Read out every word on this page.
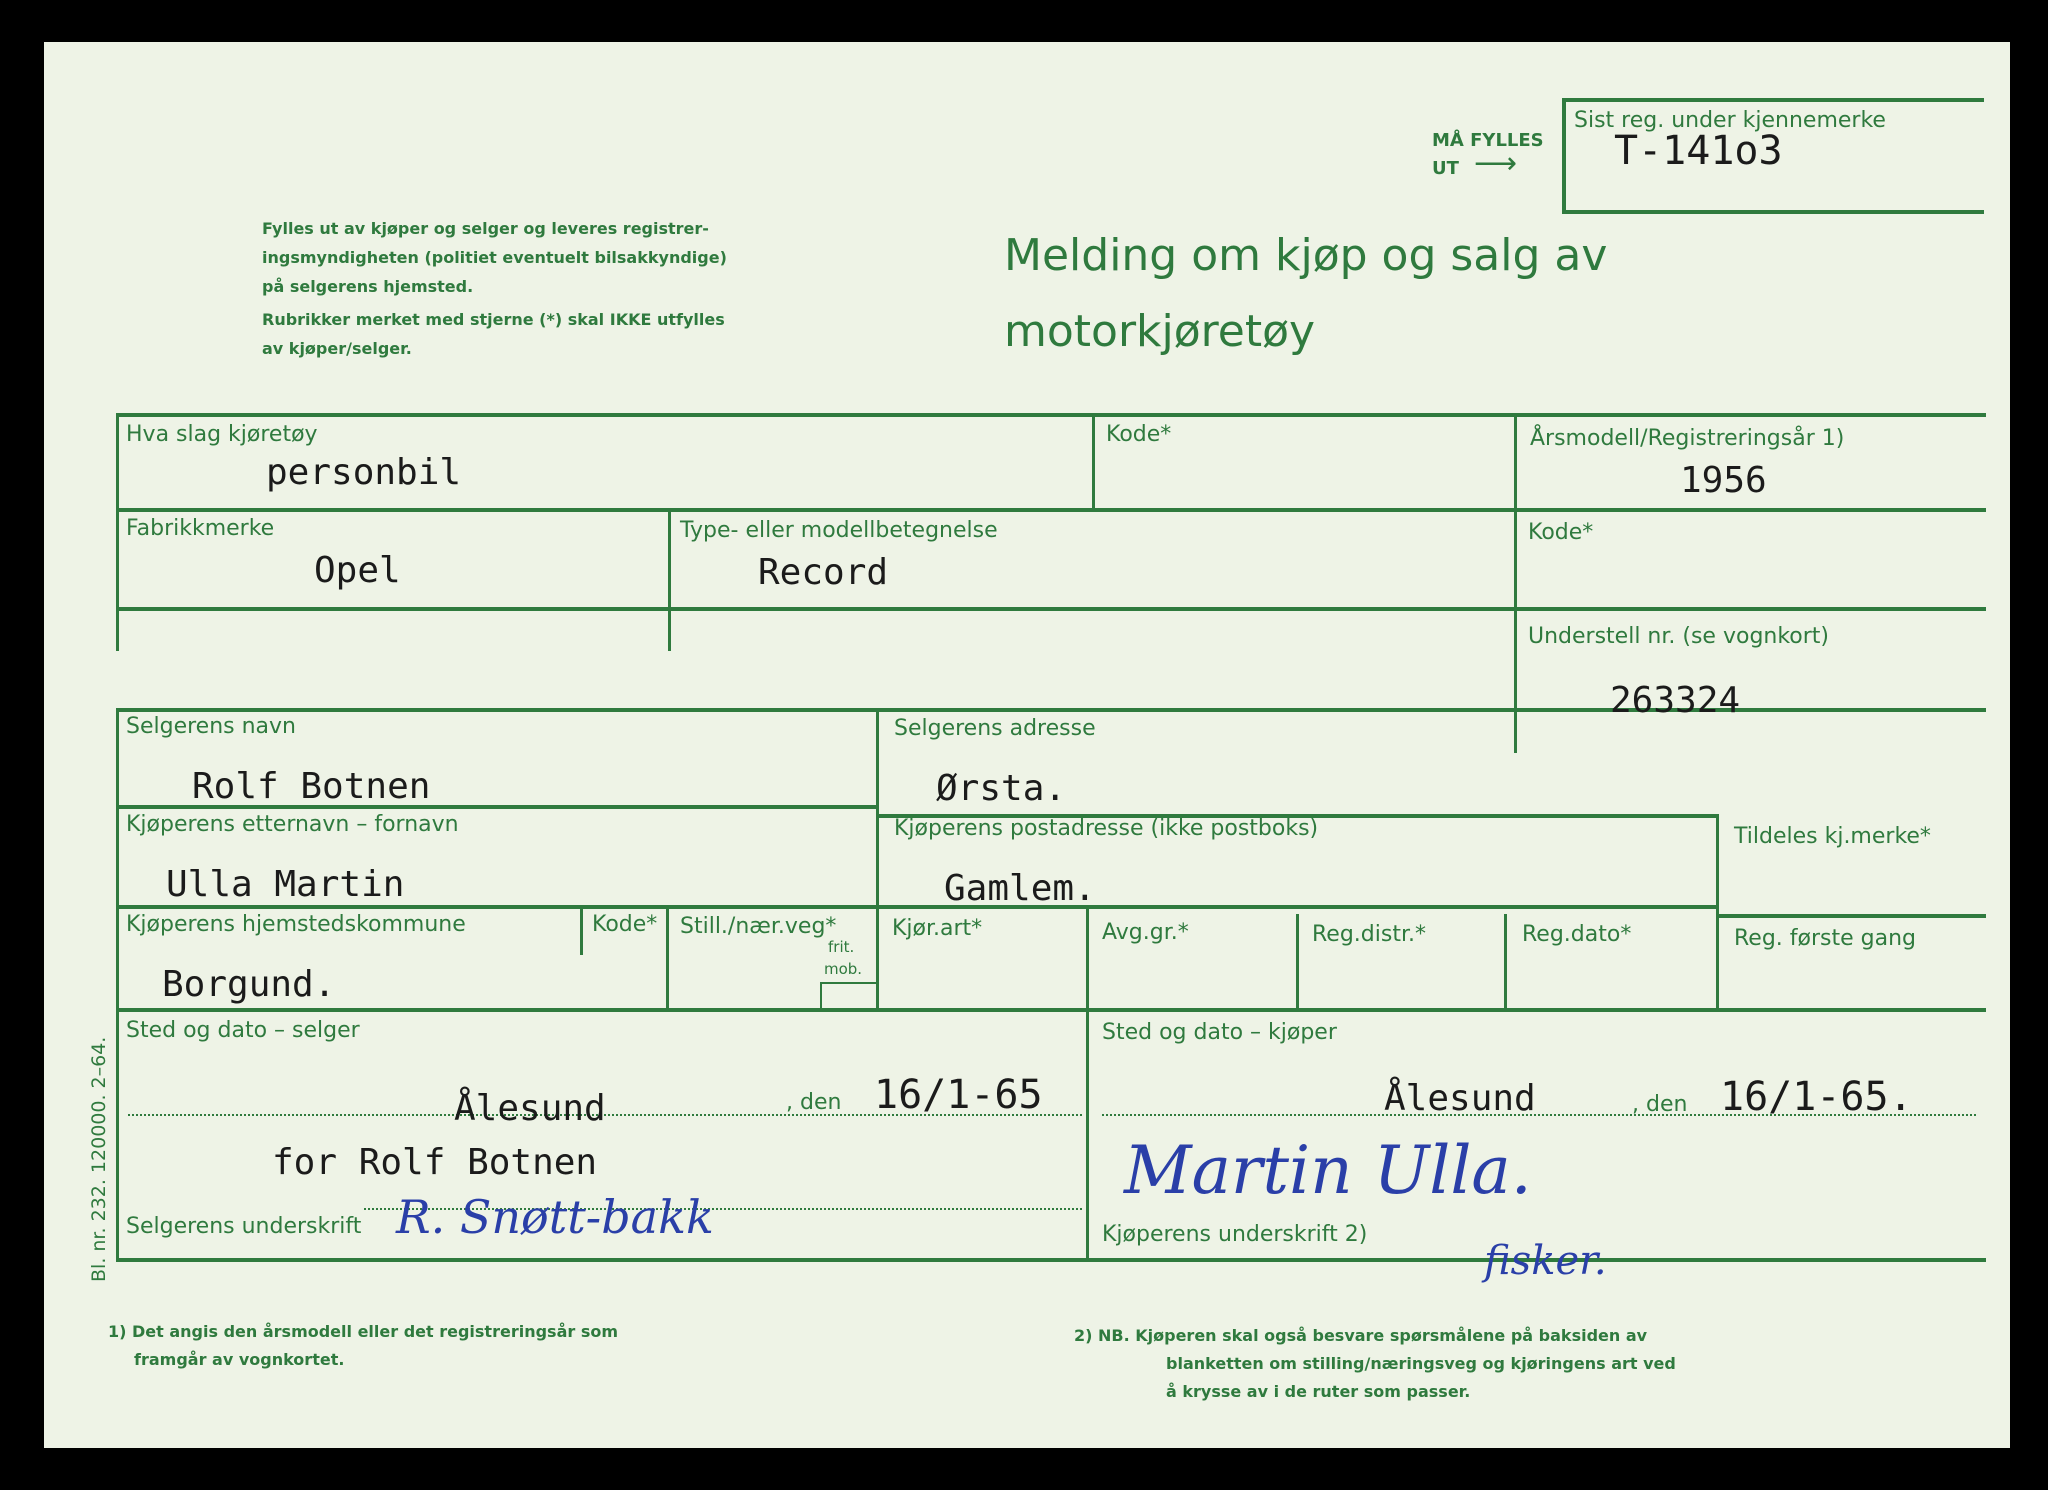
MÅ FYLLES
UT ⟶
Sist reg. under kjennemerke
T-141o3
Fylles ut av kjøper og selger og leveres registrer-
ingsmyndigheten (politiet eventuelt bilsakkyndige)
på selgerens hjemsted.
Rubrikker merket med stjerne (*) skal IKKE utfylles
av kjøper/selger.
Melding om kjøp og salg av
motorkjøretøy
Bl. nr. 232. 120000. 2–64.
Hva slag kjøretøy
personbil
Kode*	Årsmodell/Registreringsår 1)
1956
Fabrikkmerke
Opel
Type- eller modellbetegnelse
Record
Kode*
Understell nr. (se vognkort)
263324
Selgerens navn
Rolf Botnen
Selgerens adresse
Ørsta.
Kjøperens etternavn – fornavn
Ulla Martin
Kjøperens postadresse (ikke postboks)
Gamlem.
Tildeles kj.merke*
Kjøperens hjemstedskommune
Borgund.
Kode* Still./nær.veg*
frit.
mob.
Kjør.art*	Avg.gr.*	Reg.distr.*	Reg.dato*	Reg. første gang
Sted og dato – selger
Ålesund	, den 16/1-65
for Rolf Botnen
Sted og dato – kjøper
Ålesund	, den 16/1-65.
Selgerens underskrift R. Snøtt-bakk	Kjøperens underskrift 2)
Martin Ulla.
fisker.
1) Det angis den årsmodell eller det registreringsår som
framgår av vognkortet.
2) NB. Kjøperen skal også besvare spørsmålene på baksiden av
blanketten om stilling/næringsveg og kjøringens art ved
å krysse av i de ruter som passer.
